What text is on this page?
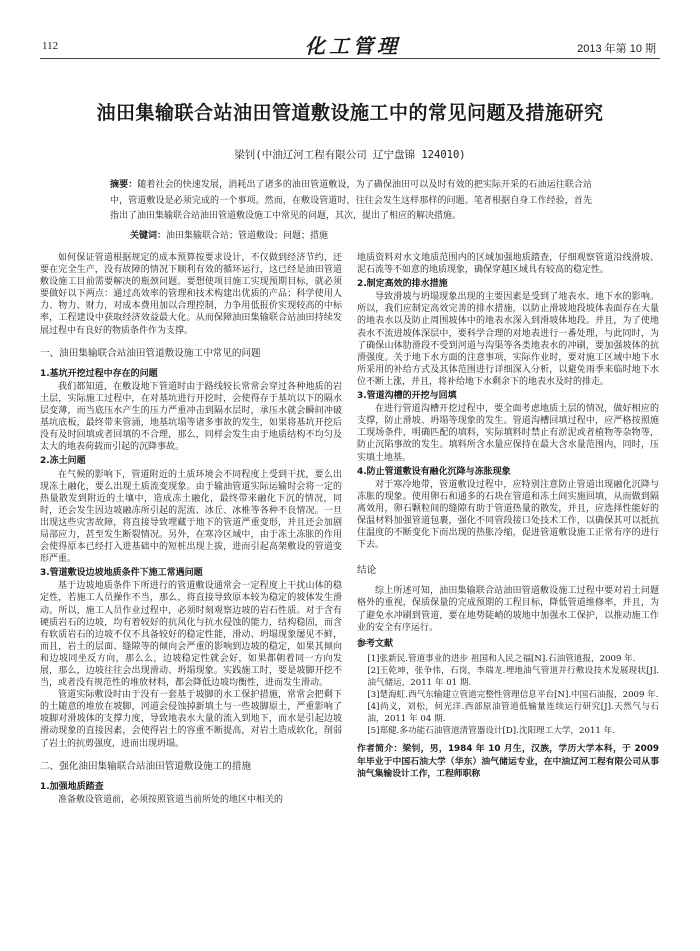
112	化工管理	2013 年第 10 期
油田集输联合站油田管道敷设施工中的常见问题及措施研究
梁钊(中油辽河工程有限公司 辽宁盘锦 124010)
摘要：随着社会的快速发展，消耗出了诸多的油田管道敷设，为了确保油田可以及时有效的把实际开采的石油运往联合站中，管道敷设是必须完成的一个事项。然而，在敷设管道时，往往会发生这样那样的问题。笔者根据自身工作经验，首先指出了油田集输联合站油田管道敷设施工中常见的问题，其次，提出了相应的解决措施。
关键词：油田集输联合站；管道敷设；问题；措施

如何保证管道根据规定的成本预算按要求设计，不仅做到经济节约，还要在完全生产，没有故障的情况下顺利有效的循环运行，这已经是油田管道敷设施工目前需要解决的瓶颈问题。要想使项目施工实现预期目标，就必须要做好以下两点：通过高效率的管理和技术构建出优质的产品；科学使用人力、物力、财力，对成本费用加以合理控制，力争用低报价实现较高的中标率，工程建设中获取经济效益最大化。从而保障油田集输联合站油田持续发展过程中有良好的物质条件作为支撑。

一、油田集输联合站油田管道敷设施工中常见的问题
1.基坑开挖过程中存在的问题

我们都知道，在敷设地下管道时由于路线较长常常会穿过各种地质的岩土层，实际施工过程中，在对基坑进行开挖时，会使得存于基坑以下的隔水层变薄，而当底压水产生的压力严重冲击到隔水层时，承压水就会瞬间冲破基坑底板，最终带来管涌，地基坑塌等诸多事故的发生，如果将基坑开挖后没有及时回填或者回填的不合理，那么，同样会发生由于地质结构不均匀及太大的地表荷载而引起的沉降事故。

2.冻土问题

在气候的影响下，管道附近的土质环境会不同程度上受到干扰，要么出现冻土融化，要么出现土质流变现象。由于输油管道实际运输时会将一定的热量散发到附近的土壤中，造成冻土融化，最终带来融化下沉的情况，同时，还会发生因边坡融冻所引起的泥流、冰丘、冰椎等各种不良情况。一旦出现这些灾害故障，将直接导致埋藏于地下的管道严重变形，并且还会加剧局部应力，甚至发生断裂情况。另外，在寒冷区域中，由于冻土冻胀的作用会使得原本已经打入进基础中的短桩出现上拔，进而引起高架敷设的管道变形严重。

3.管道敷设边坡地质条件下施工常遇问题

基于边坡地质条件下所进行的管道敷设通常会一定程度上干扰山体的稳定性，若施工人员操作不当，那么，将直接导致原本较为稳定的坡体发生滑动。所以，施工人员作业过程中，必须时刻观察边坡的岩石性质。对于含有硬质岩石的边坡，均有着较好的抗风化与抗水侵蚀的能力，结构稳固，而含有软质岩石的边坡不仅不具备较好的稳定性能，滑动、坍塌现象屡见不鲜，而且，岩土的层面、缝隙等的倾向会严重的影响到边坡的稳定，如果其倾向和边坡同坐反方向，那么么，边坡稳定性就会好，如果都朝着同一方向发展，那么，边坡往往会出现滑动、坍塌现象。实践施工时，要是坡脚开挖不当，或者没有规范性的堆放材料，都会降低边坡均衡性，进而发生滑动。

管道实际敷设时由于没有一套基于坡脚的水工保护措施，常常会把剩下的土随意的堆放在坡脚，河道会侵蚀掉新填土与一些坡脚原土，严重影响了坡脚对滑坡体的支撑力度，导致地表水大量的流入到地下，而水是引起边坡滑动现象的直接因素，会使得岩土的容重不断提高，对岩土造成软化，削弱了岩土的抗剪强度，进而出现坍塌。

二、强化油田集输联合站油田管道敷设施工的措施
1.加强地质踏查

准备敷设管道前，必须按照管道当前所处的地区中相关的

地质资料对水文地质范围内的区域加强地质踏查，仔细观察管道沿线滑坡、泥石流等不如意的地质现象，确保穿越区域具有较高的稳定性。

2.制定高效的排水措施

导致滑坡与坍塌现象出现的主要因素是受到了地表水、地下水的影响。所以，我们应制定高效完善的排水措施，以防止滑坡地段坡体表面存在大量的地表水以及防止周围坡体中的地表水深入到滑坡体地段。并且，为了使地表水不流进坡体深层中，要科学合理的对地表进行一番处理，与此同时，为了确保山体肋滑段不受到河道与沟渠等各类地表水的冲刷，要加强坡体的抗滑强度。关于地下水方面的注意事项，实际作业时，要对施工区域中地下水所采用的补给方式及其体范围进行详细深入分析，以避免雨季来临时地下水位不断上涨，并且，将补给地下水剩余下的地表水及时的排走。

3.管道沟槽的开挖与回填

在进行管道沟槽开挖过程中，要全面考虑地质土层的情况，做好相应的支撑，防止滑坡、坍塌等现象的发生。管道沟槽回填过程中，应严格按照施工现场条件，明确匹配的填料，实际填料时禁止有淤泥或者植物等杂物等，防止沉陷事故的发生。填料所含水量应保持在最大含水量范围内，同时，压实填土地基。

4.防止管道敷设有融化沉降与冻胀现象

对于寒冷地带，管道敷设过程中，应特别注意防止管道出现融化沉降与冻胀的现象。使用卵石和通多的石块在管道和冻土间实施回填，从而做到隔离效用，卵石颗粒间的缝隙有助于管道热量的散发，并且，应选择性能好的保温材料加强管道包裹，强化不同管段接口处技术工作，以确保其可以抵抗住温度的不断变化下而出现的热胀冷缩，促进管道敷设施工正常有序的进行下去。

结论

综上所述可知，油田集输联合站油田管道敷设施工过程中要对岩土问题格外的重视，保质保量的完成预期的工程目标，降低管道维修率，并且，为了避免水冲刷到管道，要在地势陡峭的坡地中加强水工保护，以推动施工作业的安全有序运行。

参考文献
[1]张新民.管道事业的进步 祖国和人民之福[N].石油管道报，2009 年.
[2]王乾坤，张争伟，石岗，李瑞龙.埋地油气管道并行敷设技术发展现状[J].油气储运，2011 年 01 期.
[3]楚海虹.西气东输建立管道完整性管理信息平台[N].中国石油报，2009 年.
[4]尚义，刘松，何光洋.西部原油管道低输量连续运行研究[J].天然气与石油，2011 年 04 期.
[5]郑健.多功能石油管道清管器设计[D].沈阳理工大学，2011 年.

作者简介：梁钊，男，1984 年 10 月生，汉族，学历大学本科，于 2009 年毕业于中国石油大学（华东）油气储运专业，在中油辽河工程有限公司从事油气集输设计工作，工程师职称
